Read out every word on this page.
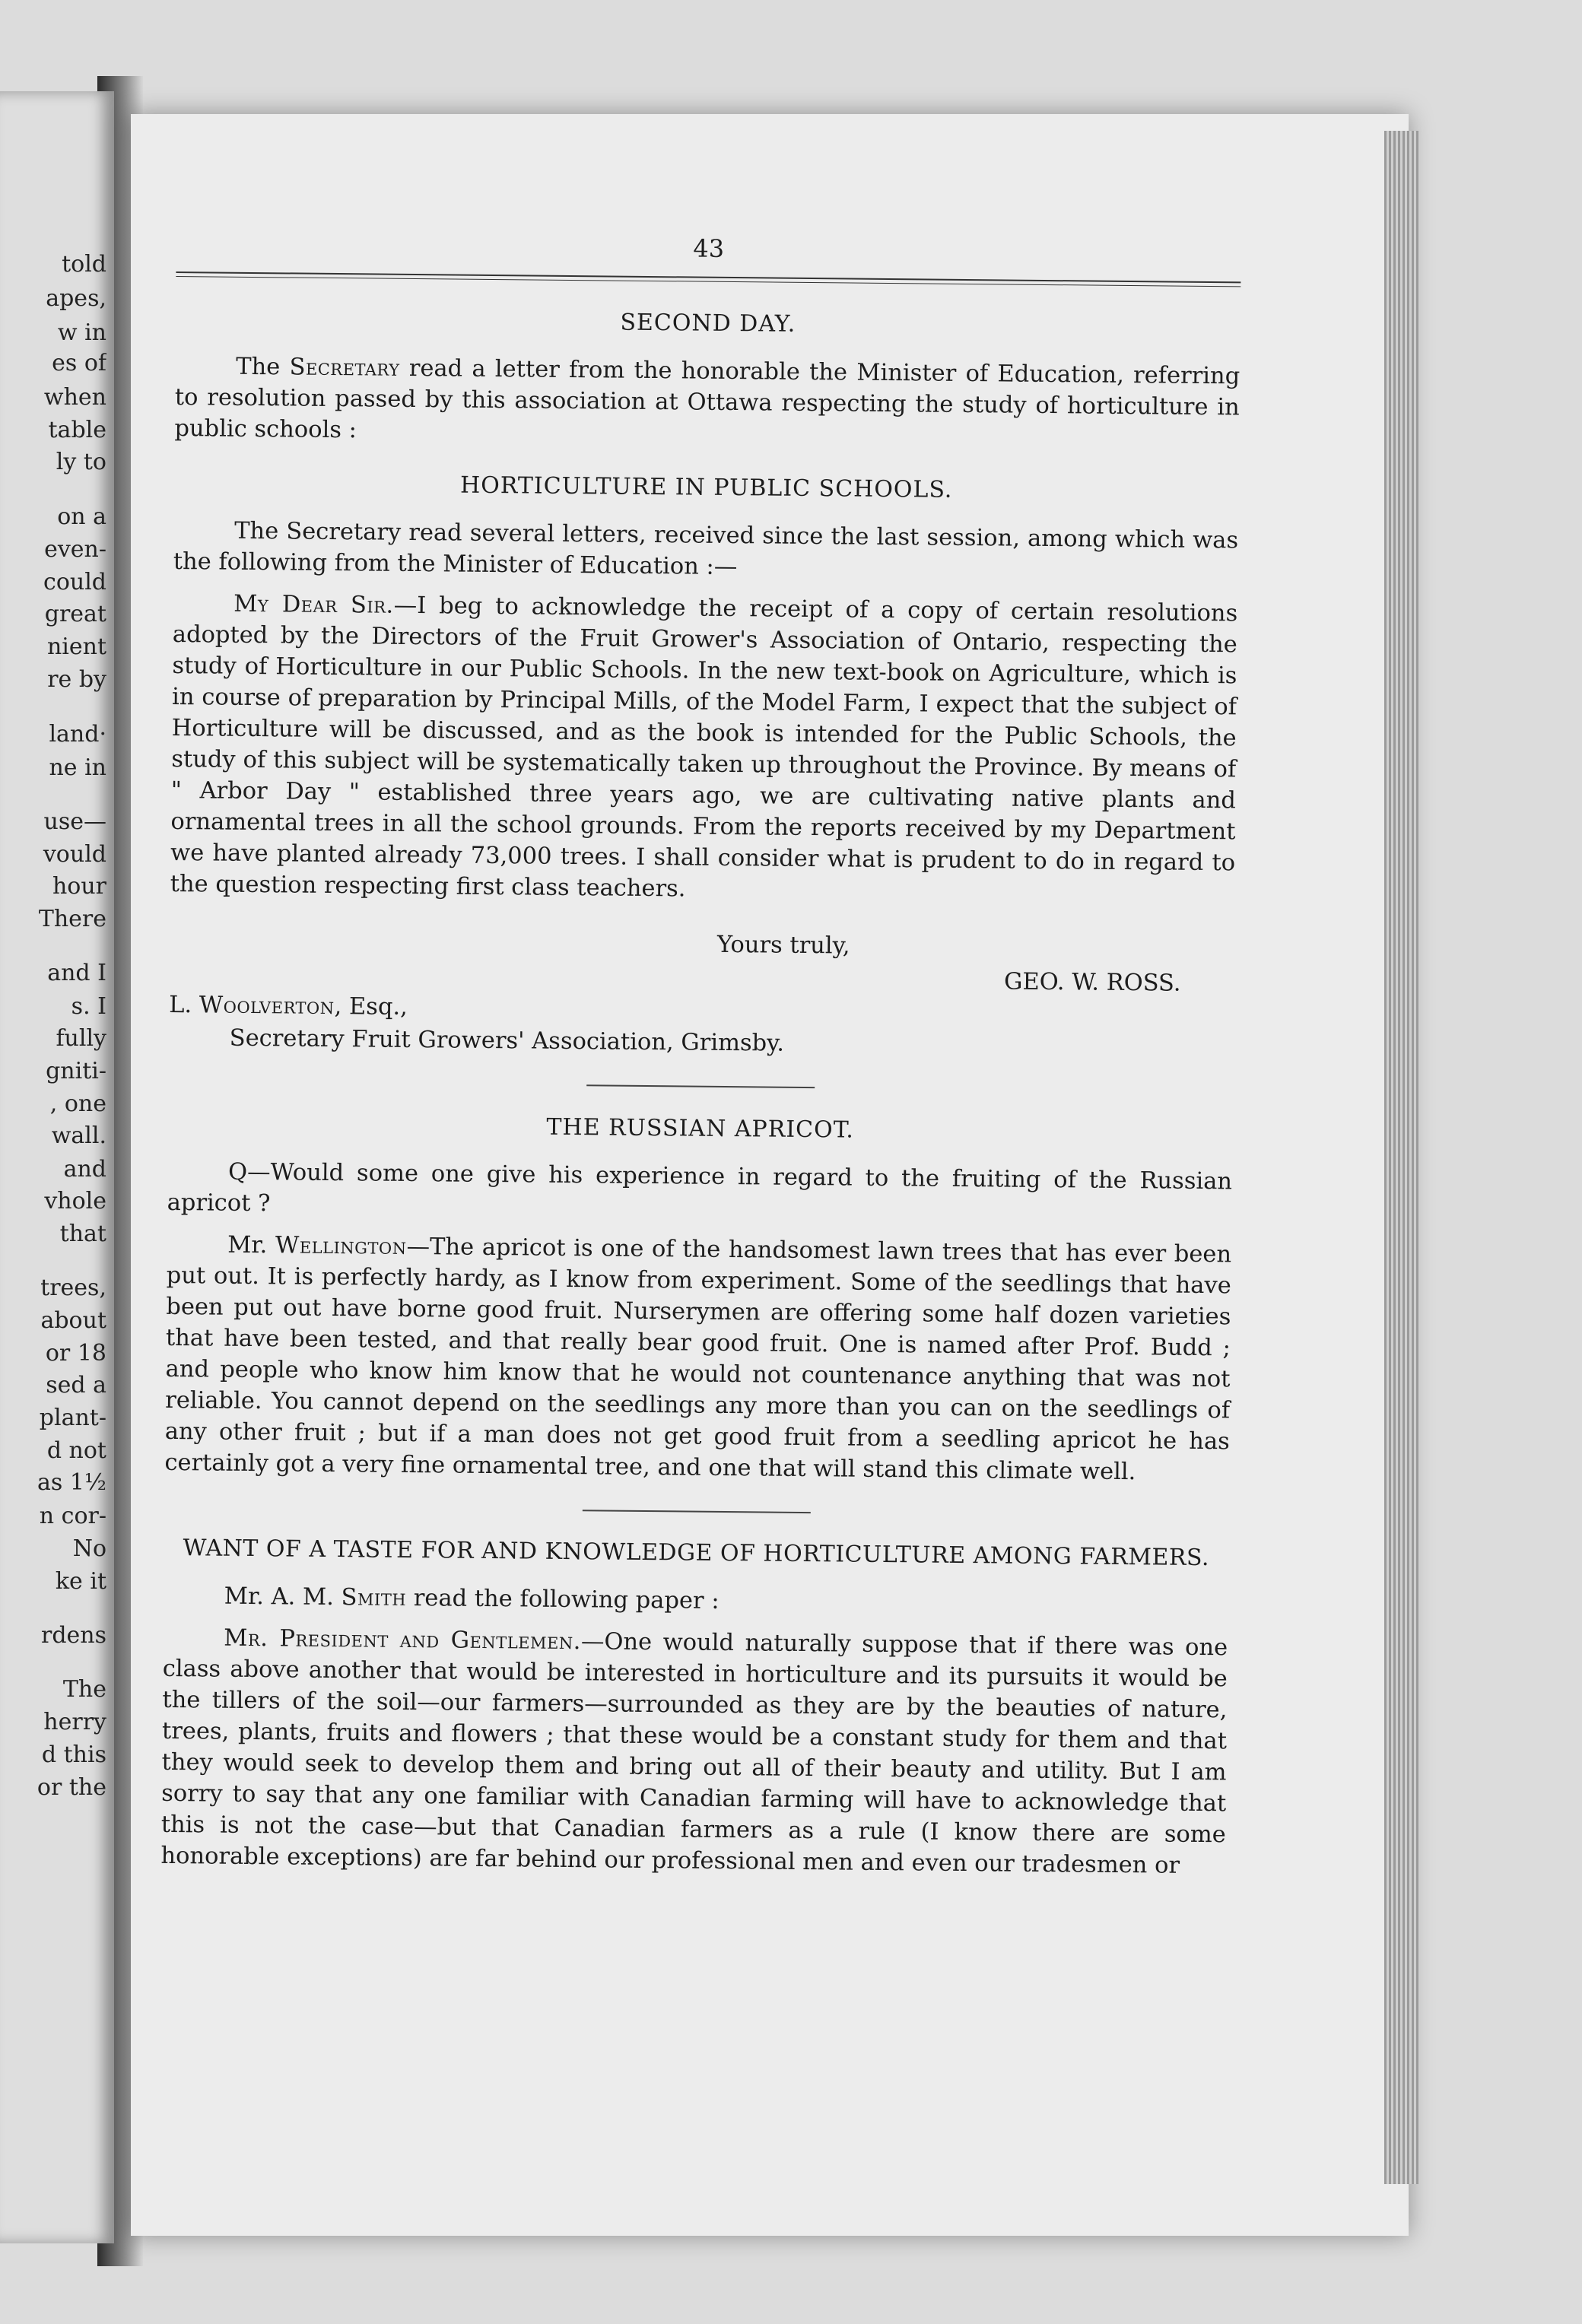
told
apes,
w in
es of
when
table
ly to
on a
even-
could
great
nient
re by
land·
ne in
use—
vould
hour
There
and I
s. I
fully
gniti-
, one
wall.
and
vhole
that
trees,
about
or 18
sed a
plant-
d not
as 1½
n cor-
No
ke it
rdens
The
herry
d this
or the
43
SECOND DAY.

The Secretary read a letter from the honorable the Minister of Education, referring to resolution passed by this association at Ottawa respecting the study of horticulture in public schools :

HORTICULTURE IN PUBLIC SCHOOLS.

The Secretary read several letters, received since the last session, among which was the following from the Minister of Education :—

My Dear Sir.—I beg to acknowledge the receipt of a copy of certain resolutions adopted by the Directors of the Fruit Grower's Association of Ontario, respecting the study of Horticulture in our Public Schools. In the new text-book on Agriculture, which is in course of preparation by Principal Mills, of the Model Farm, I expect that the subject of Horticulture will be discussed, and as the book is intended for the Public Schools, the study of this subject will be systematically taken up throughout the Province. By means of " Arbor Day " established three years ago, we are cultivating native plants and ornamental trees in all the school grounds. From the reports received by my Department we have planted already 73,000 trees. I shall consider what is prudent to do in regard to the question respecting first class teachers.

Yours truly,
GEO. W. ROSS.
L. Woolverton, Esq.,
Secretary Fruit Growers' Association, Grimsby.
THE RUSSIAN APRICOT.

Q—Would some one give his experience in regard to the fruiting of the Russian apricot ?

Mr. Wellington—The apricot is one of the handsomest lawn trees that has ever been put out. It is perfectly hardy, as I know from experiment. Some of the seedlings that have been put out have borne good fruit. Nurserymen are offering some half dozen varieties that have been tested, and that really bear good fruit. One is named after Prof. Budd ; and people who know him know that he would not countenance anything that was not reliable. You cannot depend on the seedlings any more than you can on the seedlings of any other fruit ; but if a man does not get good fruit from a seedling apricot he has certainly got a very fine ornamental tree, and one that will stand this climate well.

WANT OF A TASTE FOR AND KNOWLEDGE OF HORTICULTURE AMONG FARMERS.

Mr. A. M. Smith read the following paper :

Mr. President and Gentlemen.—One would naturally suppose that if there was one class above another that would be interested in horticulture and its pursuits it would be the tillers of the soil—our farmers—surrounded as they are by the beauties of nature, trees, plants, fruits and flowers ; that these would be a constant study for them and that they would seek to develop them and bring out all of their beauty and utility. But I am sorry to say that any one familiar with Canadian farming will have to acknowledge that this is not the case—but that Canadian farmers as a rule (I know there are some honorable exceptions) are far behind our professional men and even our tradesmen or
